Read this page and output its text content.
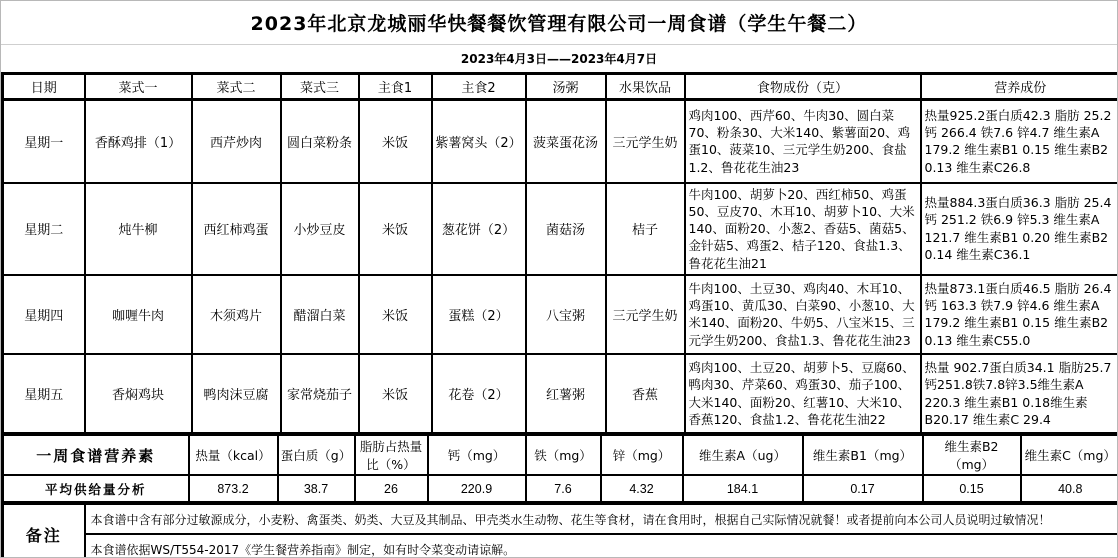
2023年北京龙城丽华快餐餐饮管理有限公司一周食谱（学生午餐二）
2023年4月3日——2023年4月7日
日期	菜式一	菜式二	菜式三	主食1	主食2	汤粥	水果饮品	食物成份（克）	营养成份
星期一	香酥鸡排（1）	西芹炒肉	圆白菜粉条	米饭	紫薯窝头（2）	菠菜蛋花汤	三元学生奶	鸡肉100、西芹60、牛肉30、圆白菜70、粉条30、大米140、紫薯面20、鸡蛋10、菠菜10、三元学生奶200、食盐1.2、鲁花花生油23	热量925.2蛋白质42.3 脂肪 25.2 钙 266.4 铁7.6 锌4.7 维生素A 179.2 维生素B1 0.15 维生素B2 0.13 维生素C26.8
星期二	炖牛柳	西红柿鸡蛋	小炒豆皮	米饭	葱花饼（2）	菌菇汤	桔子	牛肉100、胡萝卜20、西红柿50、鸡蛋50、豆皮70、木耳10、胡萝卜10、大米140、面粉20、小葱2、香菇5、菌菇5、金针菇5、鸡蛋2、桔子120、食盐1.3、鲁花花生油21	热量884.3蛋白质36.3 脂肪 25.4 钙 251.2 铁6.9 锌5.3 维生素A 121.7 维生素B1 0.20 维生素B2 0.14 维生素C36.1
星期四	咖喱牛肉	木须鸡片	醋溜白菜	米饭	蛋糕（2）	八宝粥	三元学生奶	牛肉100、土豆30、鸡肉40、木耳10、鸡蛋10、黄瓜30、白菜90、小葱10、大米140、面粉20、牛奶5、八宝米15、三元学生奶200、食盐1.3、鲁花花生油23	热量873.1蛋白质46.5 脂肪 26.4 钙 163.3 铁7.9 锌4.6 维生素A 179.2 维生素B1 0.15 维生素B2 0.13 维生素C55.0
星期五	香焖鸡块	鸭肉沫豆腐	家常烧茄子	米饭	花卷（2）	红薯粥	香蕉	鸡肉100、土豆20、胡萝卜5、豆腐60、鸭肉30、芹菜60、鸡蛋30、茄子100、大米140、面粉20、红薯10、大米10、香蕉120、食盐1.2、鲁花花生油22	热量 902.7蛋白质34.1 脂肪25.7 钙251.8铁7.8锌3.5维生素A 220.3 维生素B1 0.18维生素B20.17 维生素C 29.4
一周食谱营养素	热量（kcal）	蛋白质（g）	脂肪占热量比（%）	钙（mg）	铁（mg）	锌（mg）	维生素A（ug）	维生素B1（mg）	维生素B2（mg）	维生素C（mg）
平均供给量分析	873.2	38.7	26	220.9	7.6	4.32	184.1	0.17	0.15	40.8
备注	本食谱中含有部分过敏源成分，小麦粉、禽蛋类、奶类、大豆及其制品、甲壳类水生动物、花生等食材，请在食用时，根据自己实际情况就餐！或者提前向本公司人员说明过敏情况！
本食谱依据WS/T554-2017《学生餐营养指南》制定，如有时令菜变动请谅解。
